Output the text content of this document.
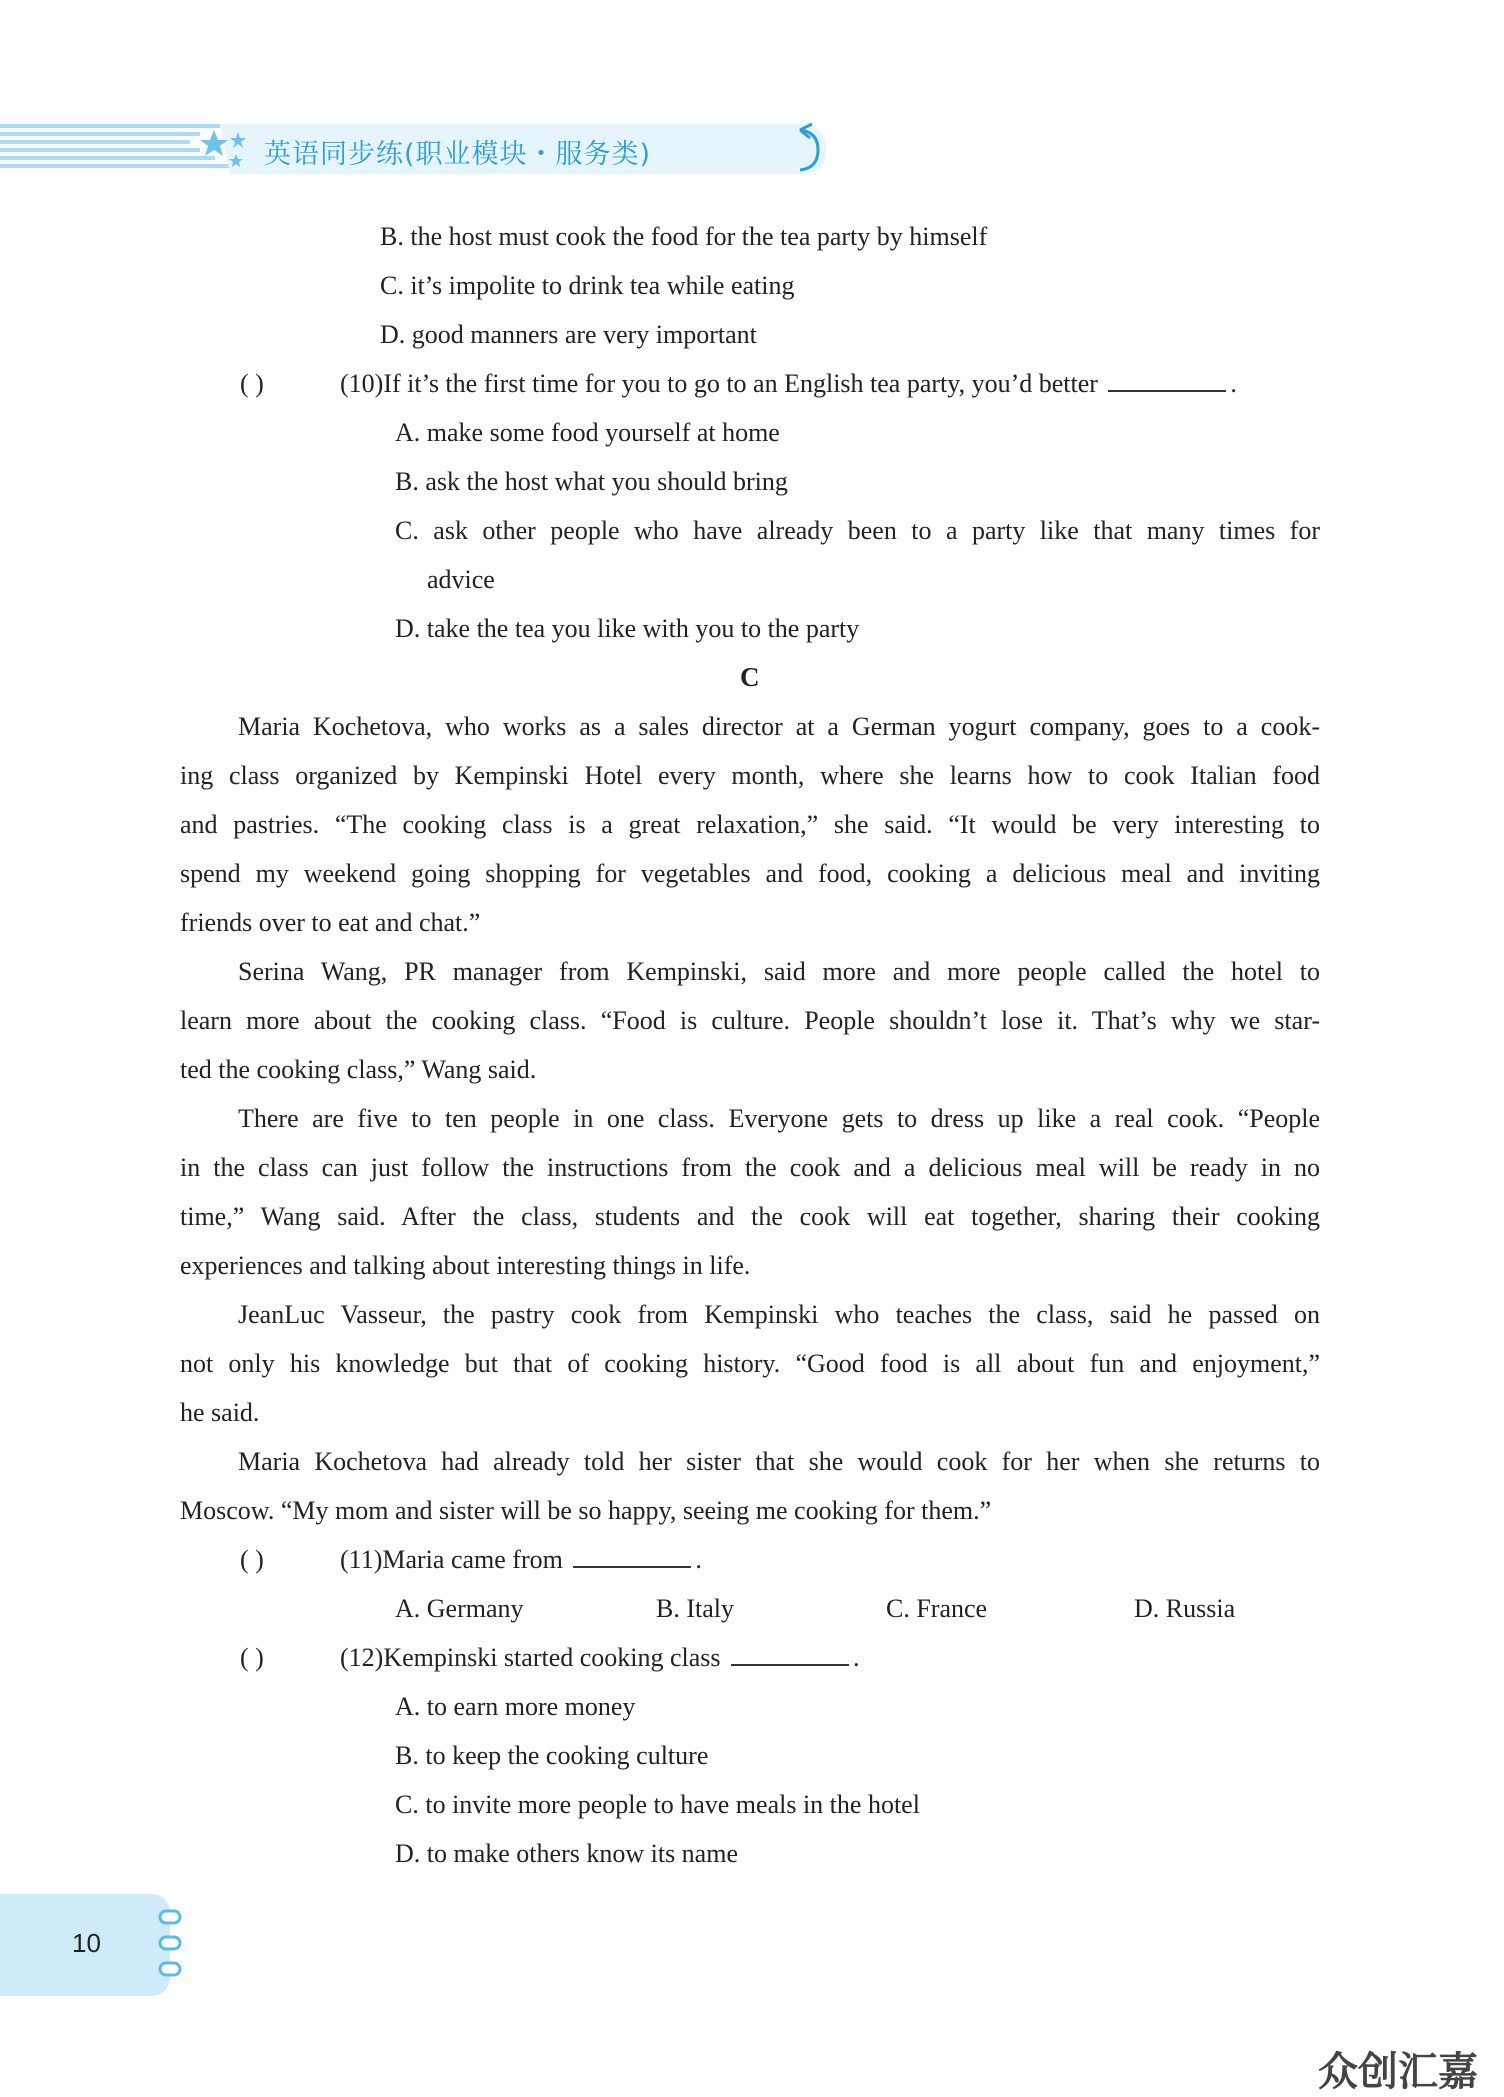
英语同步练(职业模块・服务类)
B. the host must cook the food for the tea party by himself
C. it’s impolite to drink tea while eating
D. good manners are very important
( )	(10)If it’s the first time for you to go to an English tea party, you’d better	.
A. make some food yourself at home
B. ask the host what you should bring
C. ask other people who have already been to a party like that many times for
advice
D. take the tea you like with you to the party
C
Maria Kochetova, who works as a sales director at a German yogurt company, goes to a cook-
ing class organized by Kempinski Hotel every month, where she learns how to cook Italian food
and pastries. “The cooking class is a great relaxation,” she said. “It would be very interesting to
spend my weekend going shopping for vegetables and food, cooking a delicious meal and inviting
friends over to eat and chat.”
Serina Wang, PR manager from Kempinski, said more and more people called the hotel to
learn more about the cooking class. “Food is culture. People shouldn’t lose it. That’s why we star-
ted the cooking class,” Wang said.
There are five to ten people in one class. Everyone gets to dress up like a real cook. “People
in the class can just follow the instructions from the cook and a delicious meal will be ready in no
time,” Wang said. After the class, students and the cook will eat together, sharing their cooking
experiences and talking about interesting things in life.
JeanLuc Vasseur, the pastry cook from Kempinski who teaches the class, said he passed on
not only his knowledge but that of cooking history. “Good food is all about fun and enjoyment,”
he said.
Maria Kochetova had already told her sister that she would cook for her when she returns to
Moscow. “My mom and sister will be so happy, seeing me cooking for them.”
( )	(11)Maria came from	.
A. Germany	B. Italy	C. France	D. Russia
( )	(12)Kempinski started cooking class	.
A. to earn more money
B. to keep the cooking culture
C. to invite more people to have meals in the hotel
D. to make others know its name
10
众创汇嘉
